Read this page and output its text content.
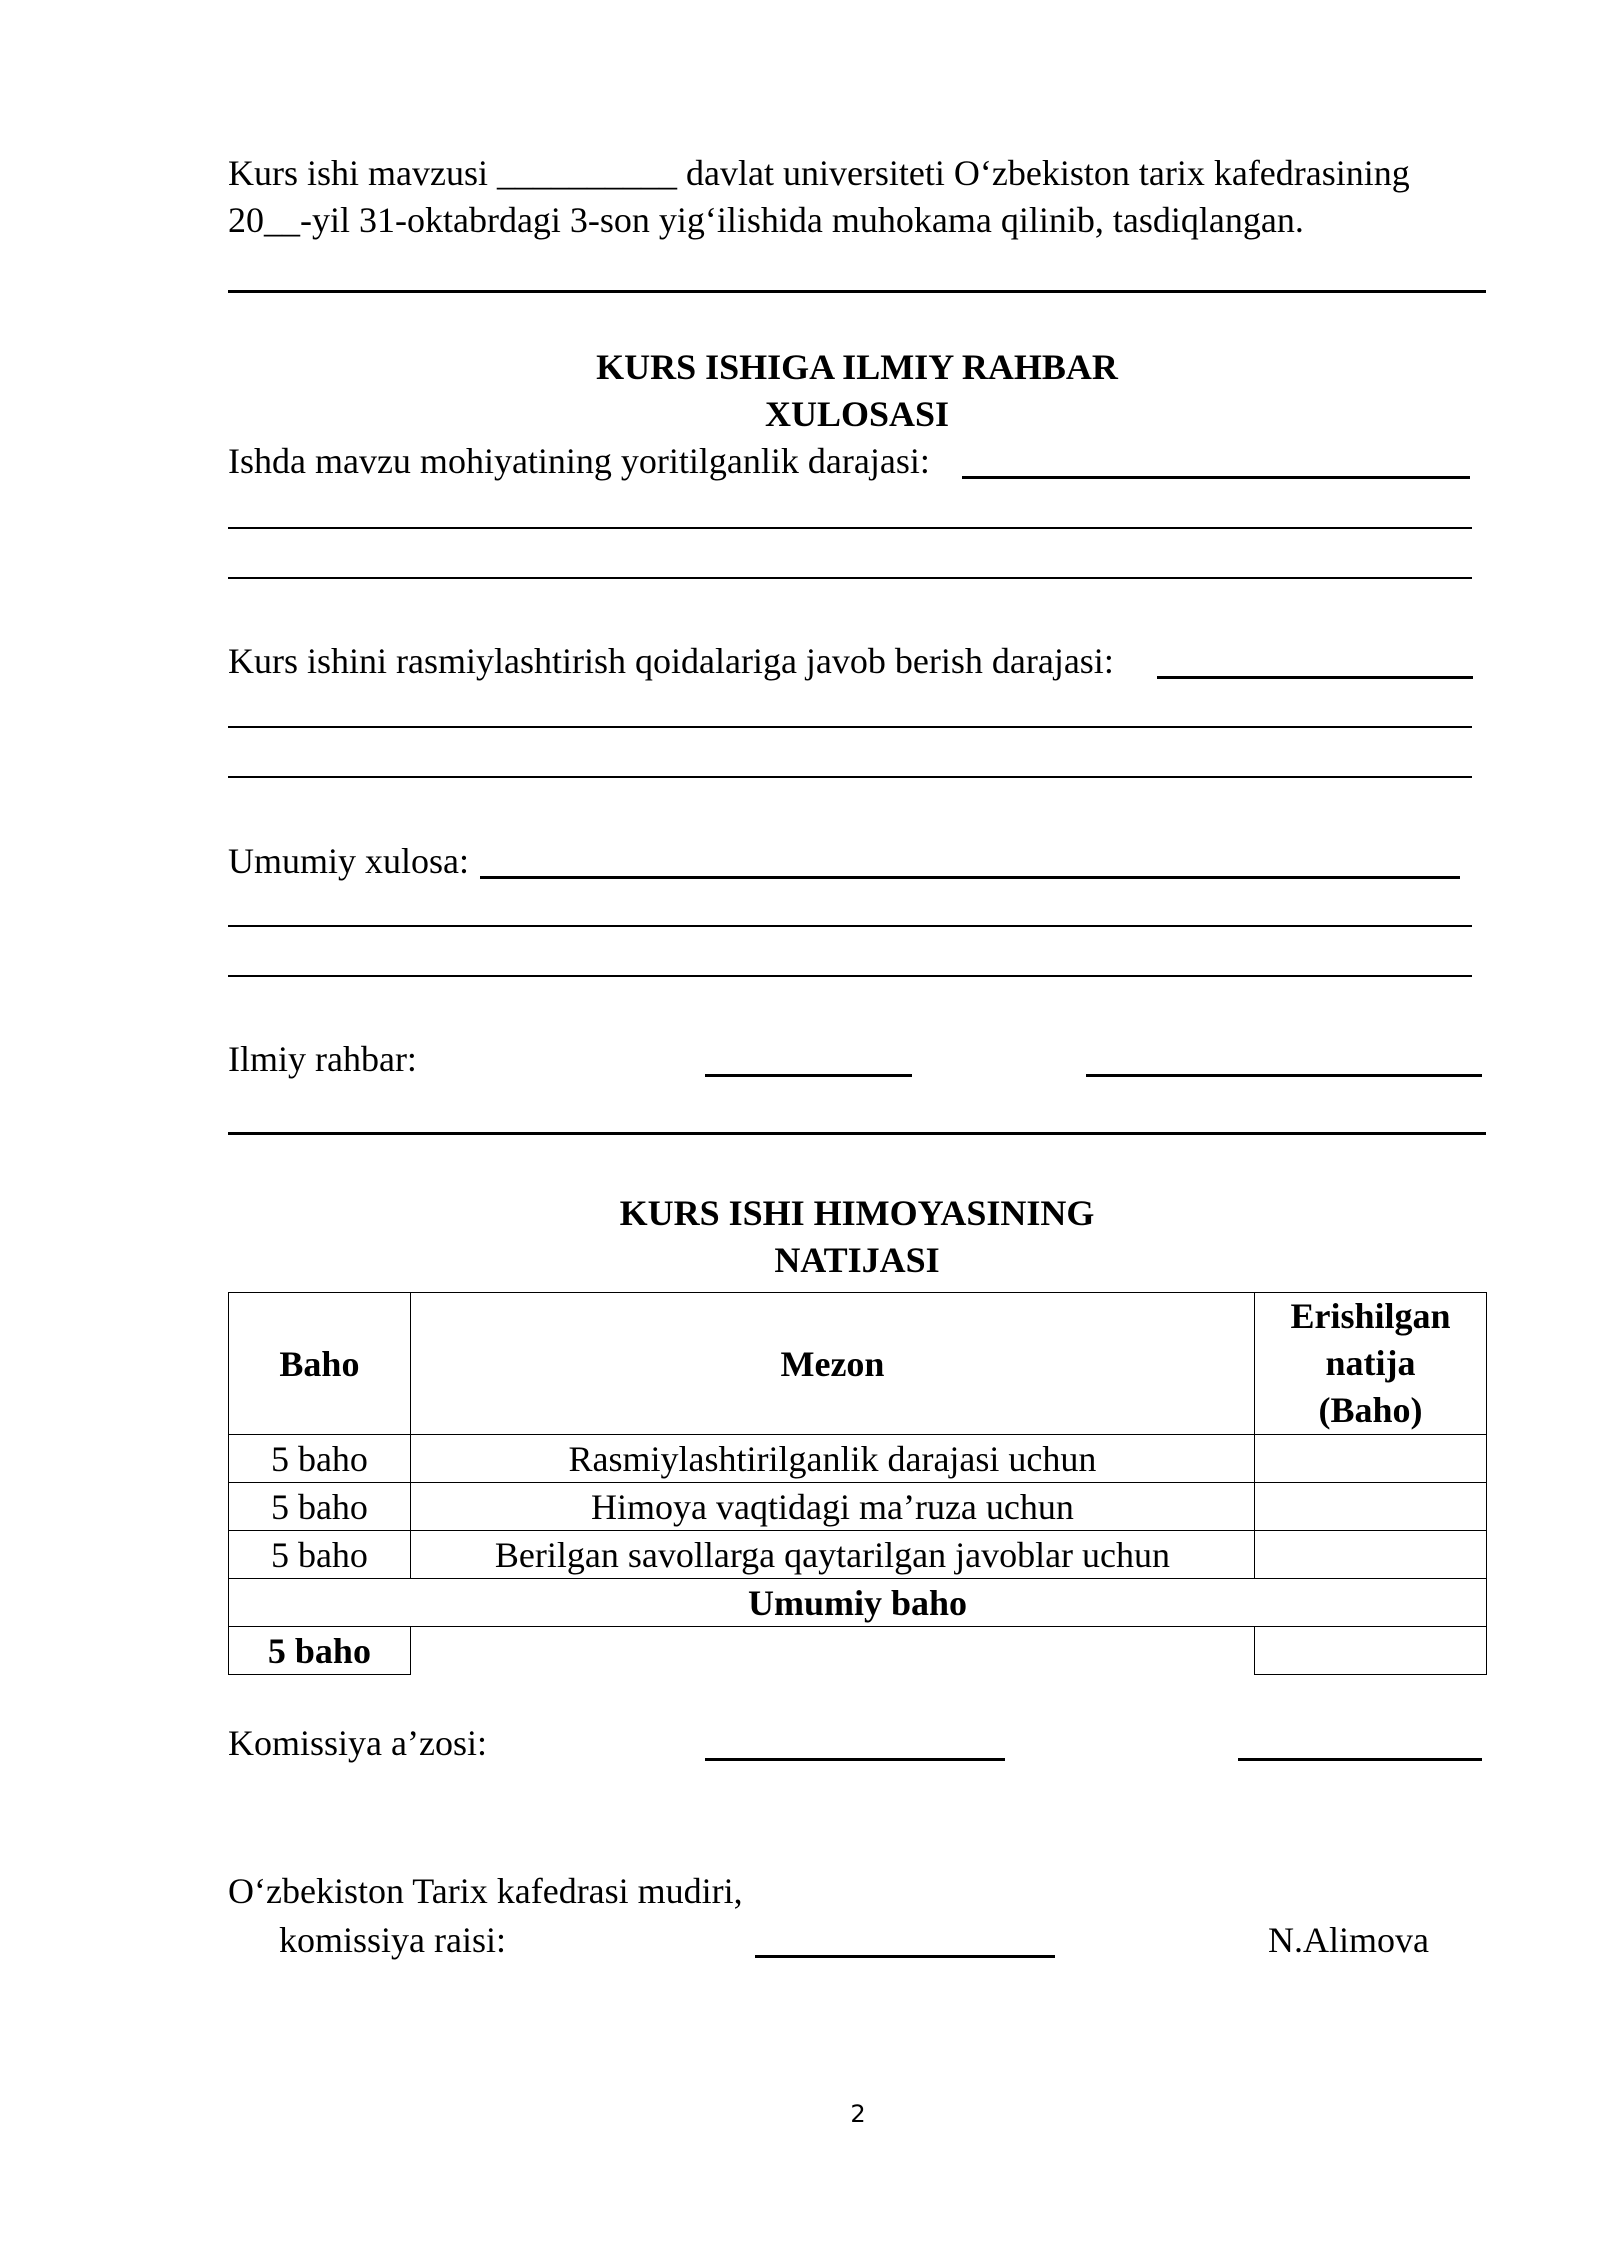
Kurs ishi mavzusi __________ davlat universiteti O‘zbekiston tarix kafedrasining
20__-yil 31-oktabrdagi 3-son yig‘ilishida muhokama qilinib, tasdiqlangan.
KURS ISHIGA ILMIY RAHBAR
XULOSASI
Ishda mavzu mohiyatining yoritilganlik darajasi:
Kurs ishini rasmiylashtirish qoidalariga javob berish darajasi:
Umumiy xulosa:
Ilmiy rahbar:
KURS ISHI HIMOYASINING
NATIJASI
Baho	Mezon	Erishilgan
natija
(Baho)

5 baho	Rasmiylashtirilganlik darajasi uchun	
5 baho	Himoya vaqtidagi ma’ruza uchun	
5 baho	Berilgan savollarga qaytarilgan javoblar uchun	
Umumiy baho		
5 baho		
Komissiya a’zosi:
O‘zbekiston Tarix kafedrasi mudiri,
komissiya raisi:	N.Alimova
2
